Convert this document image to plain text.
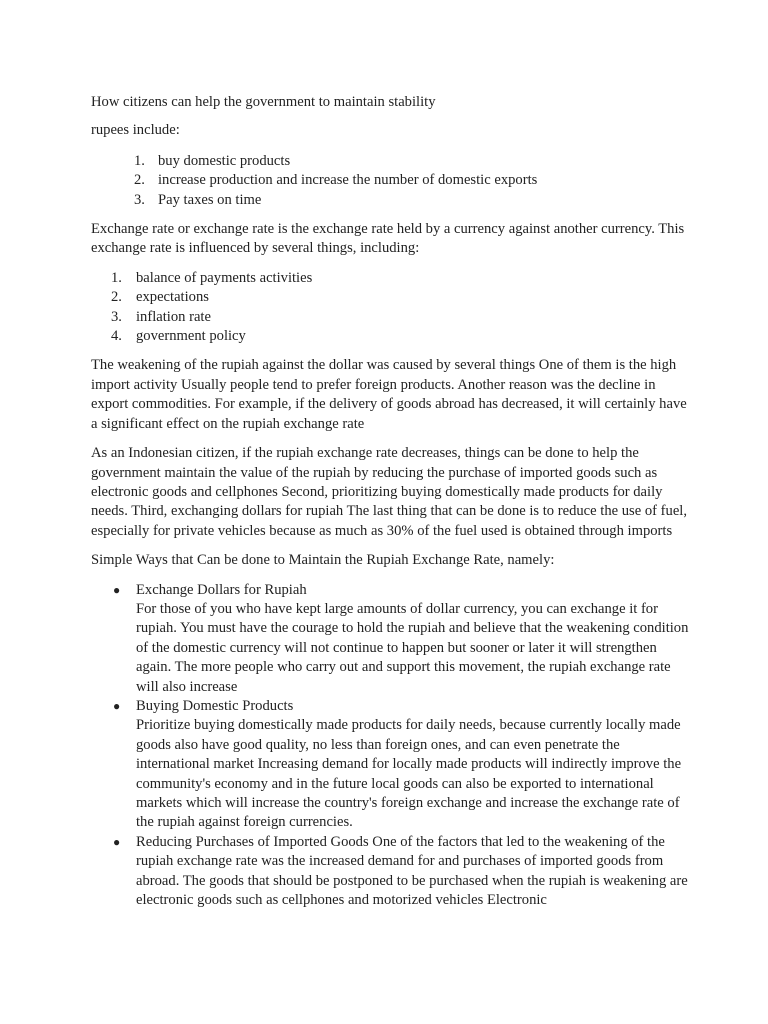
How citizens can help the government to maintain stability

rupees include:

1. buy domestic products
2. increase production and increase the number of domestic exports
3. Pay taxes on time

Exchange rate or exchange rate is the exchange rate held by a currency against another currency. This exchange rate is influenced by several things, including:

1. balance of payments activities
2. expectations
3. inflation rate
4. government policy

The weakening of the rupiah against the dollar was caused by several things One of them is the high import activity Usually people tend to prefer foreign products. Another reason was the decline in export commodities. For example, if the delivery of goods abroad has decreased, it will certainly have a significant effect on the rupiah exchange rate

As an Indonesian citizen, if the rupiah exchange rate decreases, things can be done to help the government maintain the value of the rupiah by reducing the purchase of imported goods such as electronic goods and cellphones Second, prioritizing buying domestically made products for daily needs. Third, exchanging dollars for rupiah The last thing that can be done is to reduce the use of fuel, especially for private vehicles because as much as 30% of the fuel used is obtained through imports

Simple Ways that Can be done to Maintain the Rupiah Exchange Rate, namely:

● Exchange Dollars for Rupiah
For those of you who have kept large amounts of dollar currency, you can exchange it for rupiah. You must have the courage to hold the rupiah and believe that the weakening condition of the domestic currency will not continue to happen but sooner or later it will strengthen again. The more people who carry out and support this movement, the rupiah exchange rate will also increase
● Buying Domestic Products
Prioritize buying domestically made products for daily needs, because currently locally made goods also have good quality, no less than foreign ones, and can even penetrate the international market Increasing demand for locally made products will indirectly improve the community's economy and in the future local goods can also be exported to international markets which will increase the country's foreign exchange and increase the exchange rate of the rupiah against foreign currencies.
● Reducing Purchases of Imported Goods One of the factors that led to the weakening of the rupiah exchange rate was the increased demand for and purchases of imported goods from abroad. The goods that should be postponed to be purchased when the rupiah is weakening are electronic goods such as cellphones and motorized vehicles Electronic
